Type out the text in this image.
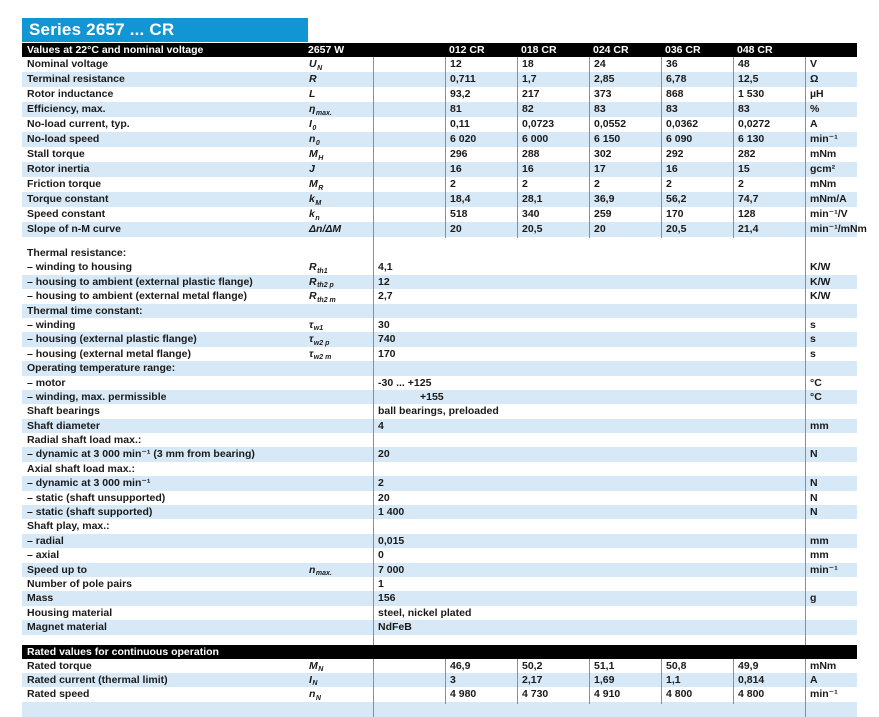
Series 2657 ... CR
Values at 22°C and nominal voltage	2657 W	012 CR	018 CR	024 CR	036 CR	048 CR
Nominal voltage	$U_N$	12	18	24	36	48	V
Terminal resistance	R	0,711	1,7	2,85	6,78	12,5	Ω
Rotor inductance	L	93,2	217	373	868	1 530	µH
Efficiency, max.	$\eta_{max.}$	81	82	83	83	83	%
No-load current, typ.	$I_0$	0,11	0,0723	0,0552	0,0362	0,0272	A
No-load speed	$n_0$	6 020	6 000	6 150	6 090	6 130	min⁻¹
Stall torque	$M_H$	296	288	302	292	282	mNm
Rotor inertia	J	16	16	17	16	15	gcm²
Friction torque	$M_R$	2	2	2	2	2	mNm
Torque constant	$k_M$	18,4	28,1	36,9	56,2	74,7	mNm/A
Speed constant	$k_n$	518	340	259	170	128	min⁻¹/V
Slope of n-M curve	Δn/ΔM	20	20,5	20	20,5	21,4	min⁻¹/mNm
Thermal resistance:
– winding to housing	$R_{th1}$	4,1	K/W
– housing to ambient (external plastic flange)	$R_{th2 p}$	12	K/W
– housing to ambient (external metal flange)	$R_{th2 m}$	2,7	K/W
Thermal time constant:
– winding	$\tau_{w1}$	30	s
– housing (external plastic flange)	$\tau_{w2 p}$	740	s
– housing (external metal flange)	$\tau_{w2 m}$	170	s
Operating temperature range:
– motor	-30 ... +125	°C
– winding, max. permissible	+155	°C
Shaft bearings	ball bearings, preloaded
Shaft diameter	4	mm
Radial shaft load max.:
– dynamic at 3 000 min⁻¹ (3 mm from bearing)	20	N
Axial shaft load max.:
– dynamic at 3 000 min⁻¹	2	N
– static (shaft unsupported)	20	N
– static (shaft supported)	1 400	N
Shaft play, max.:
– radial	0,015	mm
– axial	0	mm
Speed up to	$n_{max.}$	7 000	min⁻¹
Number of pole pairs	1
Mass	156	g
Housing material	steel, nickel plated
Magnet material	NdFeB
Rated values for continuous operation
Rated torque	$M_N$	46,9	50,2	51,1	50,8	49,9	mNm
Rated current (thermal limit)	$I_N$	3	2,17	1,69	1,1	0,814	A
Rated speed	$n_N$	4 980	4 730	4 910	4 800	4 800	min⁻¹
